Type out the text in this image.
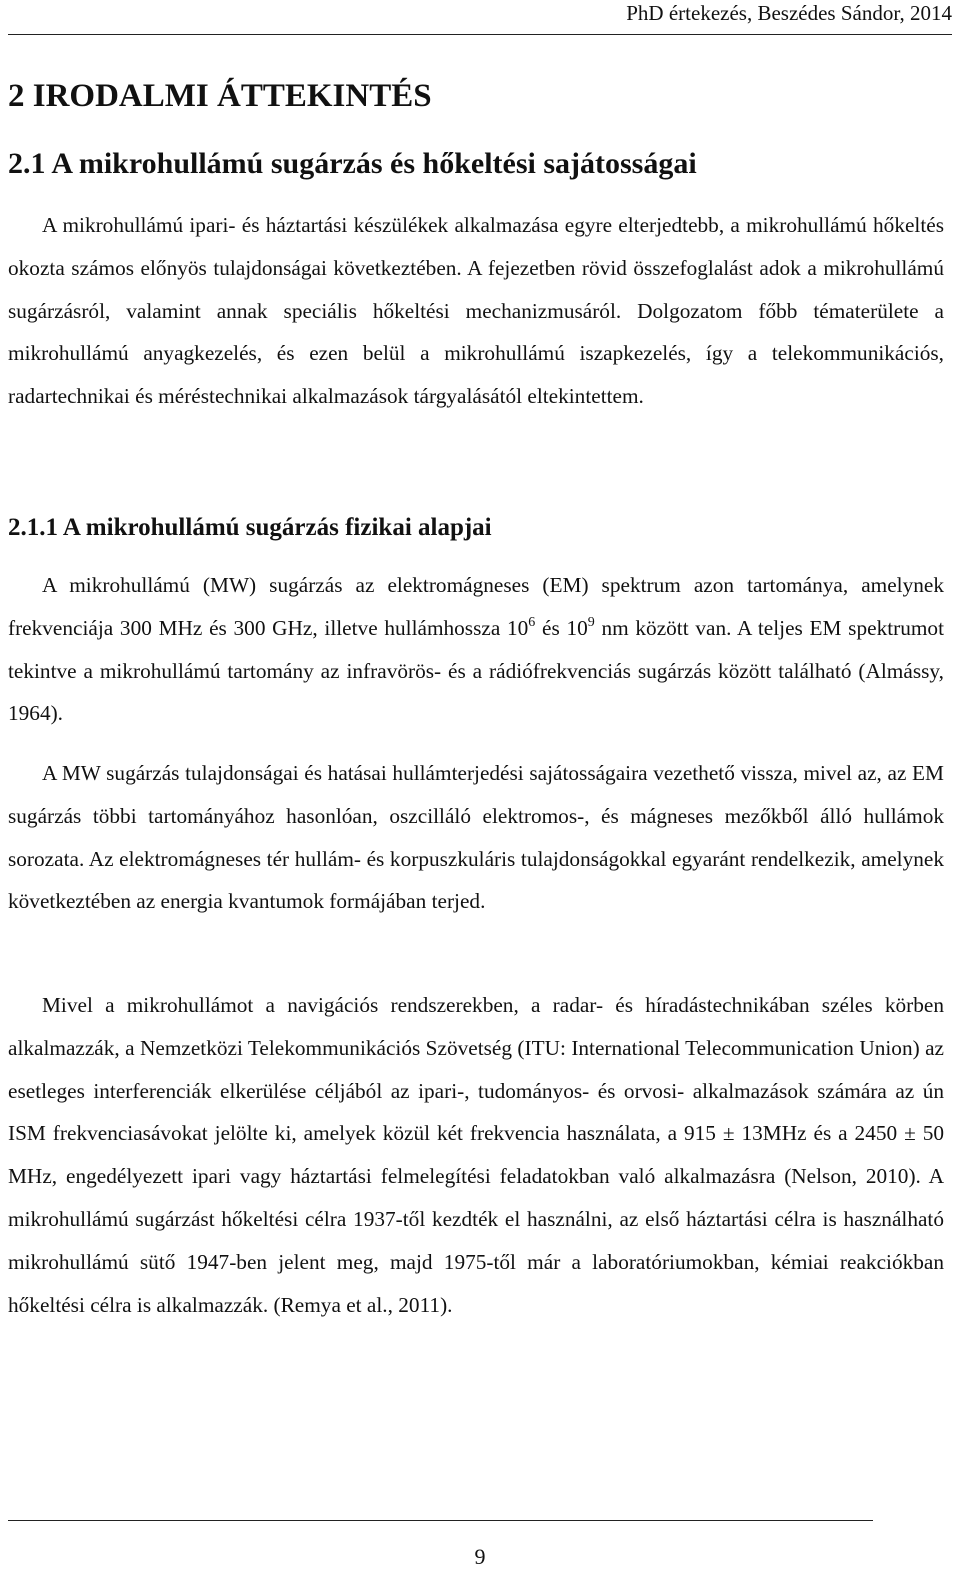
PhD értekezés, Beszédes Sándor, 2014
2 IRODALMI ÁTTEKINTÉS
2.1 A mikrohullámú sugárzás és hőkeltési sajátosságai

A mikrohullámú ipari- és háztartási készülékek alkalmazása egyre elterjedtebb, a mikrohullámú hőkeltés okozta számos előnyös tulajdonságai következtében. A fejezetben rövid összefoglalást adok a mikrohullámú sugárzásról, valamint annak speciális hőkeltési mechanizmusáról. Dolgozatom főbb tématerülete a mikrohullámú anyagkezelés, és ezen belül a mikrohullámú iszapkezelés, így a telekommunikációs, radartechnikai és méréstechnikai alkalmazások tárgyalásától eltekintettem.

2.1.1 A mikrohullámú sugárzás fizikai alapjai

A mikrohullámú (MW) sugárzás az elektromágneses (EM) spektrum azon tartománya, amelynek frekvenciája 300 MHz és 300 GHz, illetve hullámhossza $10^6$ és $10^9$ nm között van. A teljes EM spektrumot tekintve a mikrohullámú tartomány az infravörös- és a rádiófrekvenciás sugárzás között található (Almássy, 1964).

A MW sugárzás tulajdonságai és hatásai hullámterjedési sajátosságaira vezethető vissza, mivel az, az EM sugárzás többi tartományához hasonlóan, oszcilláló elektromos-, és mágneses mezőkből álló hullámok sorozata. Az elektromágneses tér hullám- és korpuszkuláris tulajdonságokkal egyaránt rendelkezik, amelynek következtében az energia kvantumok formájában terjed.

Mivel a mikrohullámot a navigációs rendszerekben, a radar- és híradástechnikában széles körben alkalmazzák, a Nemzetközi Telekommunikációs Szövetség (ITU: International Telecommunication Union) az esetleges interferenciák elkerülése céljából az ipari-, tudományos- és orvosi- alkalmazások számára az ún ISM frekvenciasávokat jelölte ki, amelyek közül két frekvencia használata, a 915 ± 13MHz és a 2450 ± 50 MHz, engedélyezett ipari vagy háztartási felmelegítési feladatokban való alkalmazásra (Nelson, 2010). A mikrohullámú sugárzást hőkeltési célra 1937-től kezdték el használni, az első háztartási célra is használható mikrohullámú sütő 1947-ben jelent meg, majd 1975-től már a laboratóriumokban, kémiai reakciókban hőkeltési célra is alkalmazzák. (Remya et al., 2011).

9
